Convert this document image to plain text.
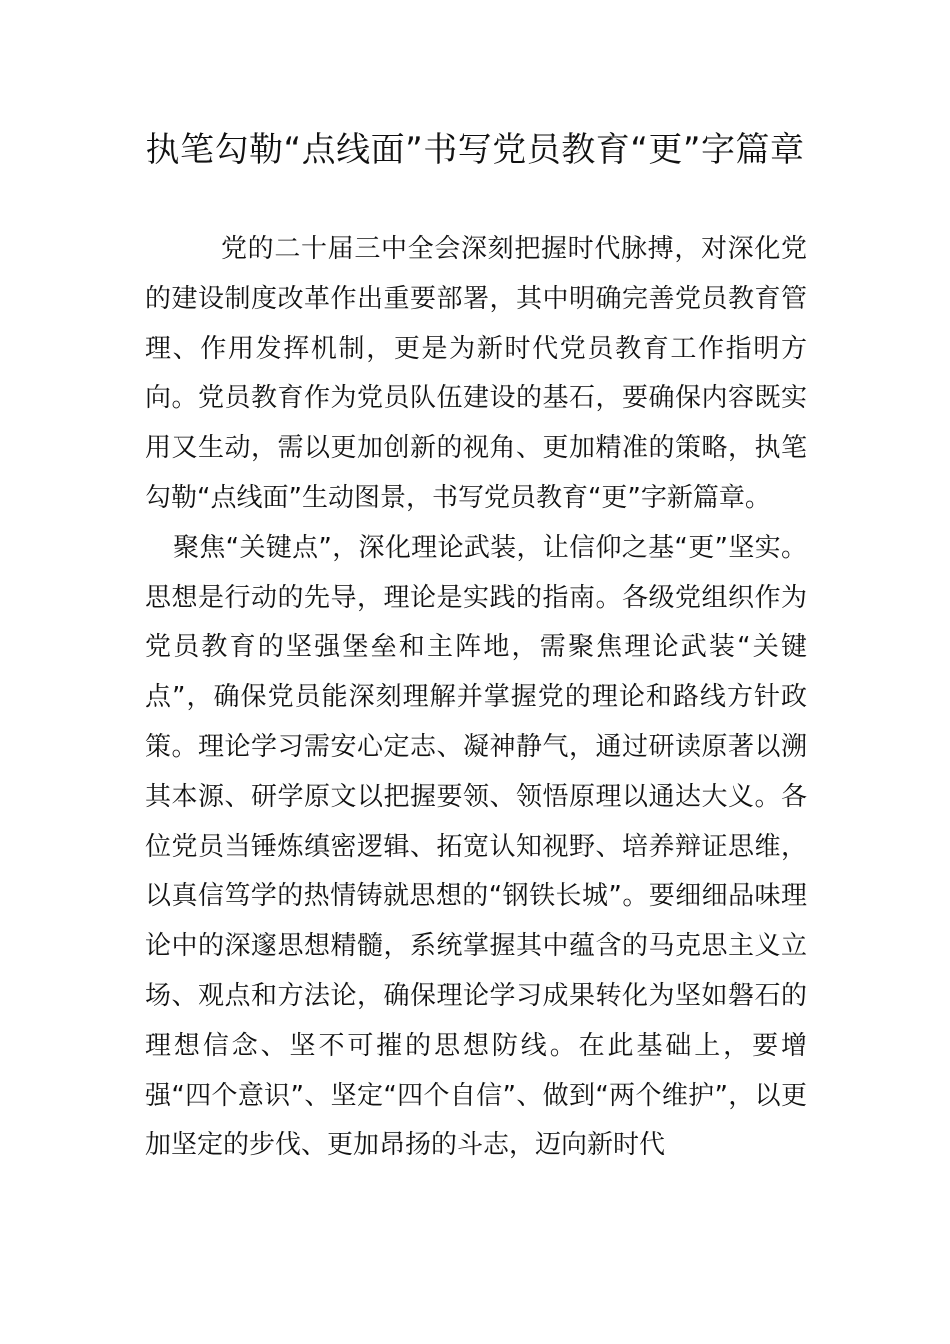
执笔勾勒“点线面”书写党员教育“更”字篇章

党的二十届三中全会深刻把握时代脉搏，对深化党的建设制度改革作出重要部署，其中明确完善党员教育管理、作用发挥机制，更是为新时代党员教育工作指明方向。党员教育作为党员队伍建设的基石，要确保内容既实用又生动，需以更加创新的视角、更加精准的策略，执笔勾勒“点线面”生动图景，书写党员教育“更”字新篇章。

聚焦“关键点”，深化理论武装，让信仰之基“更”坚实。思想是行动的先导，理论是实践的指南。各级党组织作为党员教育的坚强堡垒和主阵地，需聚焦理论武装“关键点”，确保党员能深刻理解并掌握党的理论和路线方针政策。理论学习需安心定志、凝神静气，通过研读原著以溯其本源、研学原文以把握要领、领悟原理以通达大义。各位党员当锤炼缜密逻辑、拓宽认知视野、培养辩证思维，以真信笃学的热情铸就思想的“钢铁长城”。要细细品味理论中的深邃思想精髓，系统掌握其中蕴含的马克思主义立场、观点和方法论，确保理论学习成果转化为坚如磐石的理想信念、坚不可摧的思想防线。在此基础上，要增强“四个意识”、坚定“四个自信”、做到“两个维护”，以更加坚定的步伐、更加昂扬的斗志，迈向新时代
